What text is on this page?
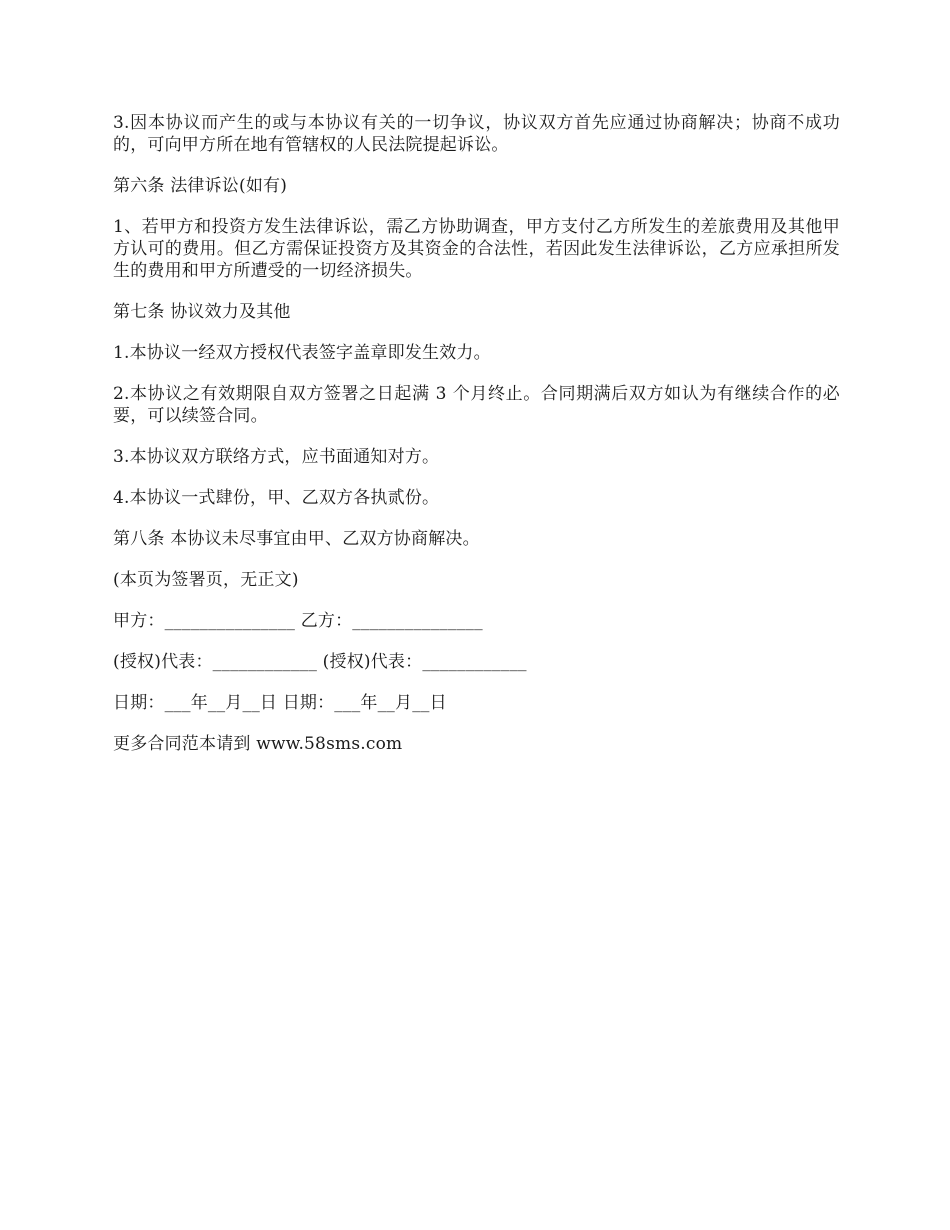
3.因本协议而产生的或与本协议有关的一切争议，协议双方首先应通过协商解决；协商不成功的，可向甲方所在地有管辖权的人民法院提起诉讼。

第六条 法律诉讼(如有)

1、若甲方和投资方发生法律诉讼，需乙方协助调查，甲方支付乙方所发生的差旅费用及其他甲方认可的费用。但乙方需保证投资方及其资金的合法性，若因此发生法律诉讼，乙方应承担所发生的费用和甲方所遭受的一切经济损失。

第七条 协议效力及其他

1.本协议一经双方授权代表签字盖章即发生效力。

2.本协议之有效期限自双方签署之日起满 3 个月终止。合同期满后双方如认为有继续合作的必要，可以续签合同。

3.本协议双方联络方式，应书面通知对方。

4.本协议一式肆份，甲、乙双方各执贰份。

第八条 本协议未尽事宜由甲、乙双方协商解决。

(本页为签署页，无正文)

甲方：_______________ 乙方：_______________

(授权)代表：____________ (授权)代表：____________

日期：___年__月__日 日期：___年__月__日

更多合同范本请到 www.58sms.com
